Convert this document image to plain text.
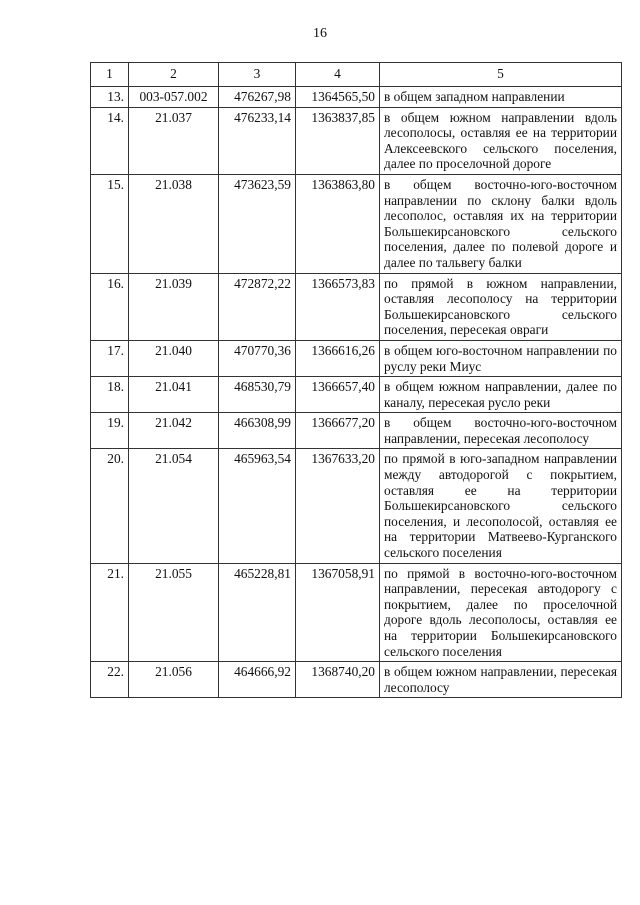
16
1	2	3	4	5
13.	003-057.002	476267,98	1364565,50	в общем западном направлении
14.	21.037	476233,14	1363837,85	в общем южном направлении вдоль лесополосы, оставляя ее на территории Алексеевского сельского поселения, далее по проселочной дороге
15.	21.038	473623,59	1363863,80	в общем восточно-юго-восточном направлении по склону балки вдоль лесополос, оставляя их на территории Большекирсановского сельского поселения, далее по полевой дороге и далее по тальвегу балки
16.	21.039	472872,22	1366573,83	по прямой в южном направлении, оставляя лесополосу на территории Большекирсановского сельского поселения, пересекая овраги
17.	21.040	470770,36	1366616,26	в общем юго-восточном направлении по руслу реки Миус
18.	21.041	468530,79	1366657,40	в общем южном направлении, далее по каналу, пересекая русло реки
19.	21.042	466308,99	1366677,20	в общем восточно-юго-восточном направлении, пересекая лесополосу
20.	21.054	465963,54	1367633,20	по прямой в юго-западном направлении между автодорогой с покрытием, оставляя ее на территории Большекирсановского сельского поселения, и лесополосой, оставляя ее на территории Матвеево-Курганского сельского поселения
21.	21.055	465228,81	1367058,91	по прямой в восточно-юго-восточном направлении, пересекая автодорогу с покрытием, далее по проселочной дороге вдоль лесополосы, оставляя ее на территории Большекирсановского сельского поселения
22.	21.056	464666,92	1368740,20	в общем южном направлении, пересекая лесополосу
